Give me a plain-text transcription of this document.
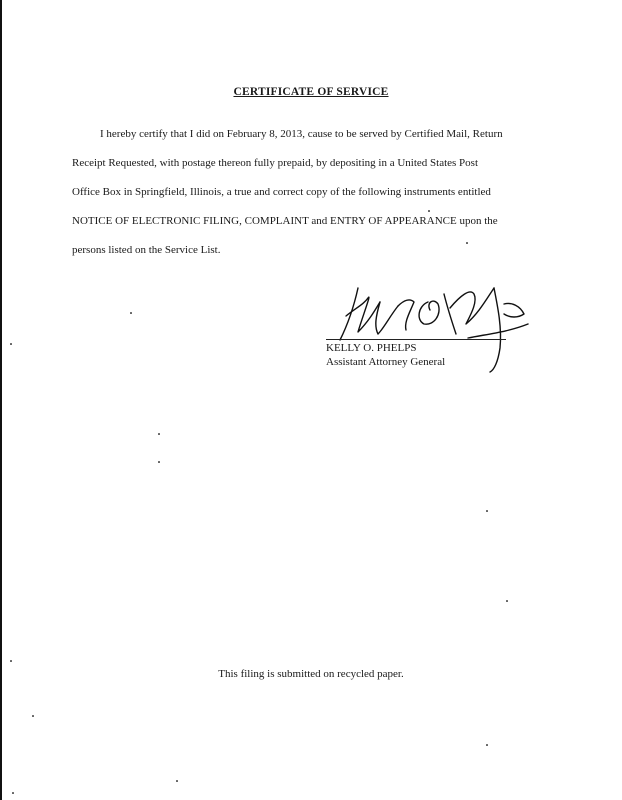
CERTIFICATE OF SERVICE
I hereby certify that I did on February 8, 2013, cause to be served by Certified Mail, Return
Receipt Requested, with postage thereon fully prepaid, by depositing in a United States Post
Office Box in Springfield, Illinois, a true and correct copy of the following instruments entitled
NOTICE OF ELECTRONIC FILING, COMPLAINT and ENTRY OF APPEARANCE upon the
persons listed on the Service List.
KELLY O. PHELPS
Assistant Attorney General
This filing is submitted on recycled paper.
